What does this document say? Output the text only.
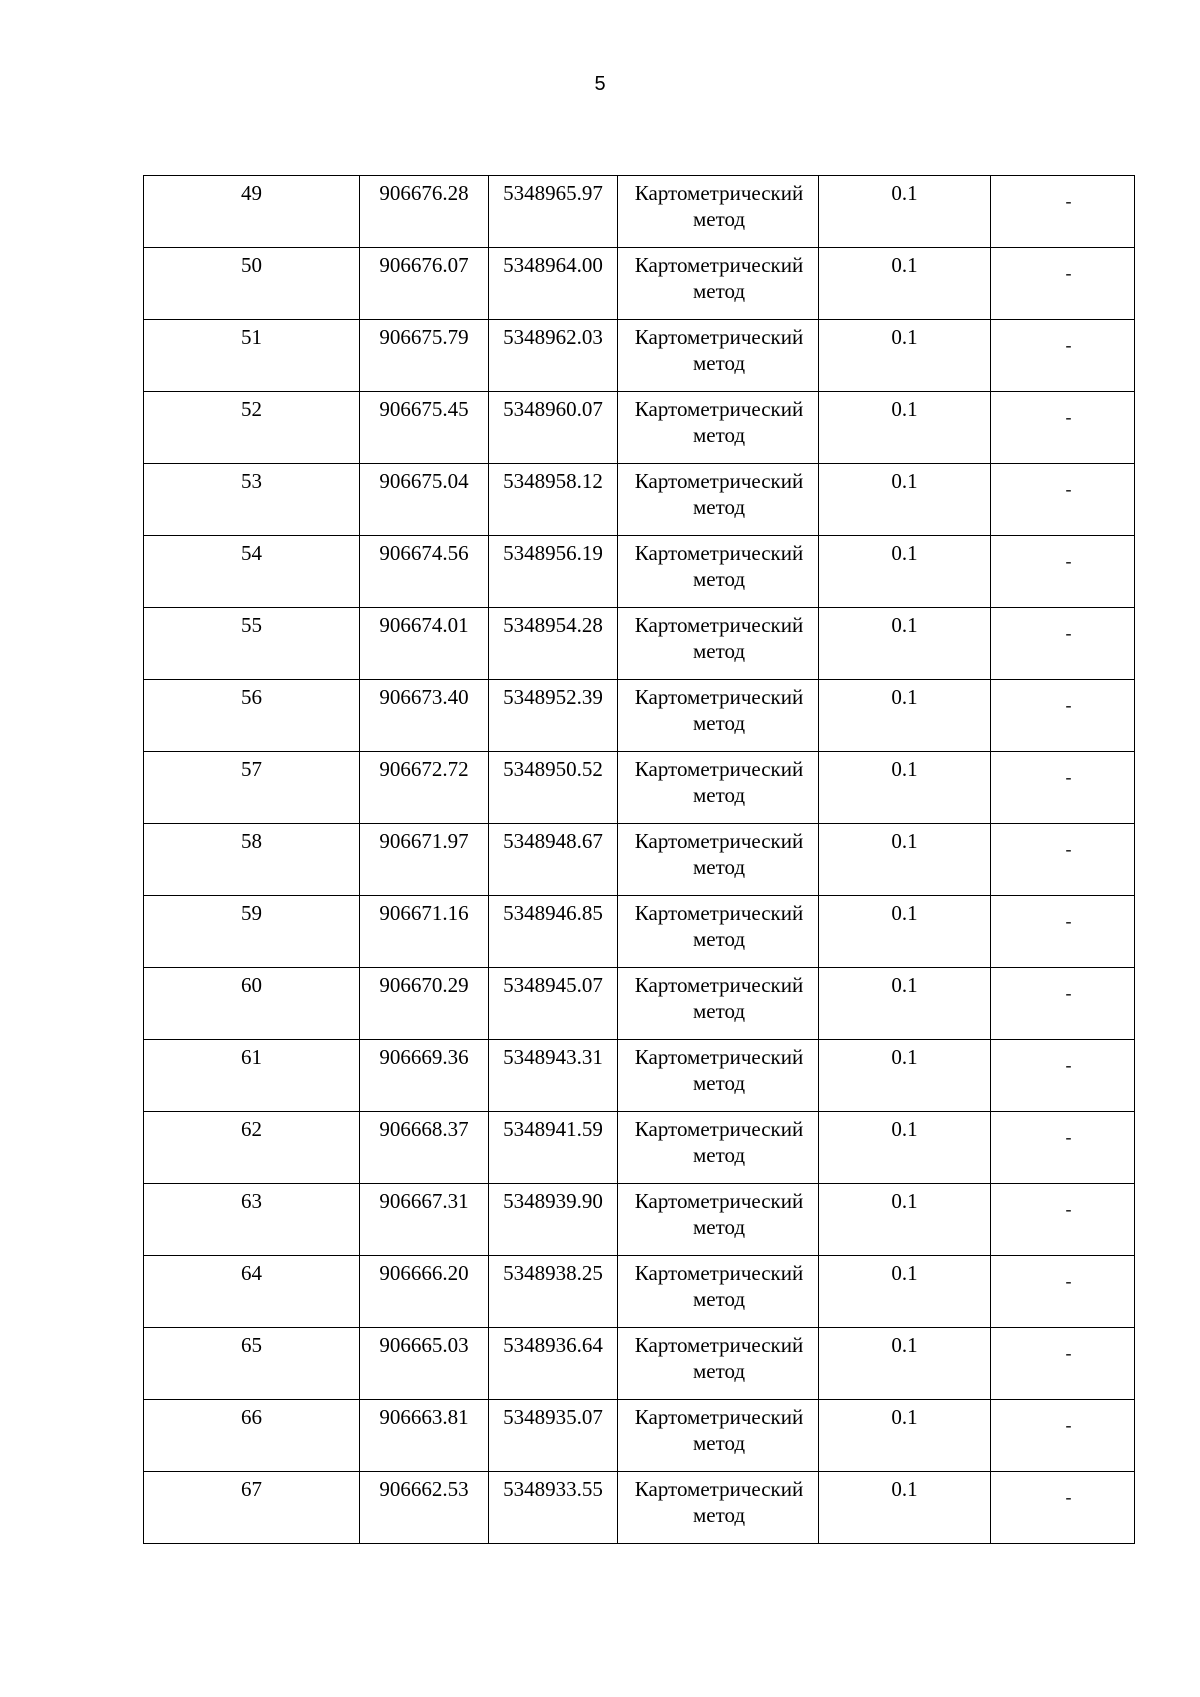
5
49	906676.28	5348965.97	Картометрический метод	0.1	-

50	906676.07	5348964.00	Картометрический метод	0.1	-

51	906675.79	5348962.03	Картометрический метод	0.1	-

52	906675.45	5348960.07	Картометрический метод	0.1	-

53	906675.04	5348958.12	Картометрический метод	0.1	-

54	906674.56	5348956.19	Картометрический метод	0.1	-

55	906674.01	5348954.28	Картометрический метод	0.1	-

56	906673.40	5348952.39	Картометрический метод	0.1	-

57	906672.72	5348950.52	Картометрический метод	0.1	-

58	906671.97	5348948.67	Картометрический метод	0.1	-

59	906671.16	5348946.85	Картометрический метод	0.1	-

60	906670.29	5348945.07	Картометрический метод	0.1	-

61	906669.36	5348943.31	Картометрический метод	0.1	-

62	906668.37	5348941.59	Картометрический метод	0.1	-

63	906667.31	5348939.90	Картометрический метод	0.1	-

64	906666.20	5348938.25	Картометрический метод	0.1	-

65	906665.03	5348936.64	Картометрический метод	0.1	-

66	906663.81	5348935.07	Картометрический метод	0.1	-

67	906662.53	5348933.55	Картометрический метод	0.1	-
